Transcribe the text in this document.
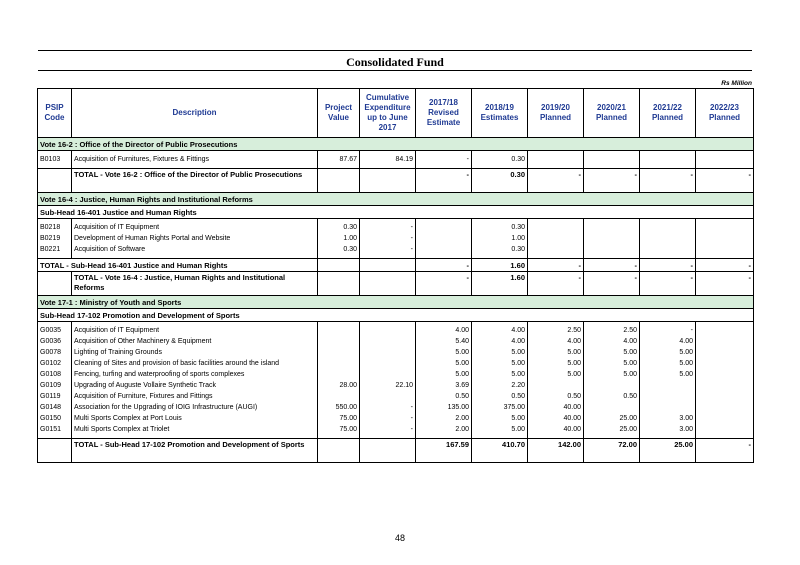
Consolidated Fund
Rs Million
PSIP Code	Description	Project Value	Cumulative Expenditure up to June 2017	2017/18 Revised Estimate	2018/19 Estimates	2019/20 Planned	2020/21 Planned	2021/22 Planned	2022/23 Planned
Vote 16-2 : Office of the Director of Public Prosecutions									
B0103	Acquisition of Furnitures, Fixtures & Fittings	87.67	84.19	-	0.30				
	TOTAL - Vote 16-2 : Office of the Director of Public Prosecutions			-	0.30	-	-	-	-
Vote 16-4 : Justice, Human Rights and Institutional Reforms									
Sub-Head 16-401 Justice and Human Rights									
B0218	Acquisition of IT Equipment	0.30	-		0.30				
B0219	Development of Human Rights Portal and Website	1.00	-		1.00				
B0221	Acquisition of Software	0.30	-		0.30				
TOTAL - Sub-Head 16-401 Justice and Human Rights				-	1.60	-	-	-	-
	TOTAL - Vote 16-4 : Justice, Human Rights and Institutional Reforms			-	1.60	-	-	-	-
Vote 17-1 : Ministry of Youth and Sports									
Sub-Head 17-102 Promotion and Development of Sports									
G0035	Acquisition of IT Equipment			4.00	4.00	2.50	2.50	-	
G0036	Acquisition of Other Machinery & Equipment			5.40	4.00	4.00	4.00	4.00	
G0078	Lighting of Training Grounds			5.00	5.00	5.00	5.00	5.00	
G0102	Cleaning of Sites and provision of basic facilities around the island			5.00	5.00	5.00	5.00	5.00	
G0108	Fencing, turfing and waterproofing of sports complexes			5.00	5.00	5.00	5.00	5.00	
G0109	Upgrading of Auguste Vollaire Synthetic Track	28.00	22.10	3.69	2.20				
G0119	Acquisition of Furniture, Fixtures and Fittings			0.50	0.50	0.50	0.50		
G0148	Association for the Upgrading of IOIG Infrastructure (AUGI)	550.00	-	135.00	375.00	40.00			
G0150	Multi Sports Complex at Port Louis	75.00	-	2.00	5.00	40.00	25.00	3.00	
G0151	Multi Sports Complex at Triolet	75.00	-	2.00	5.00	40.00	25.00	3.00	
	TOTAL - Sub-Head 17-102 Promotion and Development of Sports			167.59	410.70	142.00	72.00	25.00	-
48
